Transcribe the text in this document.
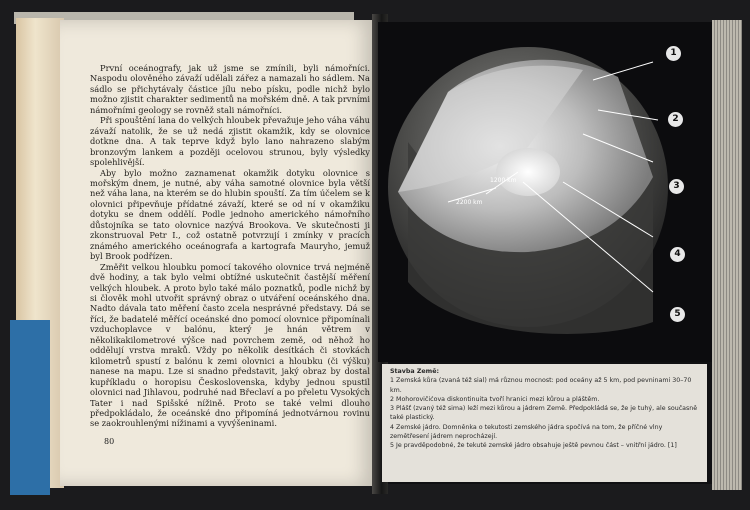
První oceánografy, jak už jsme se zmínili, byli námořníci. Naspodu olověného závaží udělali zářez a namazali ho sádlem. Na sádlo se přichytávaly částice jílu nebo písku, podle nichž bylo možno zjistit charakter sedimentů na mořském dně. A tak prvními námořními geology se rovněž stali námořníci.

Při spouštění lana do velkých hloubek převažuje jeho váha váhu závaží natolik, že se už nedá zjistit okamžik, kdy se olovnice dotkne dna. A tak teprve když bylo lano nahrazeno slabým bronzovým lankem a později ocelovou strunou, byly výsledky spolehlivější.

Aby bylo možno zaznamenat okamžik dotyku olovnice s mořským dnem, je nutné, aby váha samotné olovnice byla větší než váha lana, na kterém se do hlubin spouští. Za tím účelem se k olovnici připevňuje přídatné závaží, které se od ní v okamžiku dotyku se dnem oddělí. Podle jednoho amerického námořního důstojníka se tato olovnice nazývá Brookova. Ve skutečnosti ji zkonstruoval Petr I., což ostatně potvrzují i zmínky v pracích známého amerického oceánografa a kartografa Mauryho, jemuž byl Brook podřízen.

Změřit velkou hloubku pomocí takového olovnice trvá nejméně dvě hodiny, a tak bylo velmi obtížné uskutečnit častější měření velkých hloubek. A proto bylo také málo poznatků, podle nichž by si člověk mohl utvořit správný obraz o utváření oceánského dna. Nadto dávala tato měření často zcela nesprávné představy. Dá se říci, že badatelé měřící oceánské dno pomocí olovnice připomínali vzduchoplavce v balónu, který je hnán větrem v několikakilometrové výšce nad povrchem země, od něhož ho oddělují vrstva mraků. Vždy po několik desítkách či stovkách kilometrů spustí z balónu k zemi olovnici a hloubku (či výšku) nanese na mapu. Lze si snadno představit, jaký obraz by dostal kupříkladu o horopisu Československa, kdyby jednou spustil olovnici nad Jihlavou, podruhé nad Břeclaví a po přeletu Vysokých Tater i nad Spišské nížině. Proto se také velmi dlouho předpokládalo, že oceánské dno připomíná jednotvárnou rovinu se zaokrouhlenými nížinami a vyvýšeninami.

80
2200 km
1200 km
1
2
3
4
5

Stavba Země:

1 Zemská kůra (zvaná též sial) má různou mocnost: pod oceány až 5 km, pod pevninami 30–70 km.

2 Mohorovičićova diskontinuita tvoří hranici mezi kůrou a pláštěm.

3 Plášť (zvaný též sima) leží mezi kůrou a jádrem Země. Předpokládá se, že je tuhý, ale současně také plastický.

4 Zemské jádro. Domněnka o tekutosti zemského jádra spočívá na tom, že příčné vlny zemětřesení jádrem neprocházejí.

5 Je pravděpodobné, že tekuté zemské jádro obsahuje ještě pevnou část – vnitřní jádro. [1]
